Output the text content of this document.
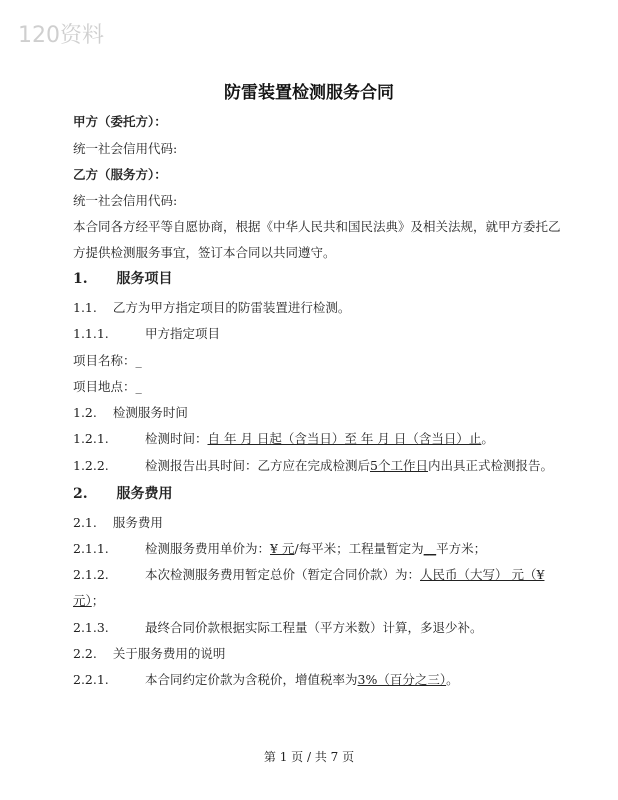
120资料
防雷装置检测服务合同
甲方（委托方）：
统一社会信用代码:
乙方（服务方）：
统一社会信用代码:
本合同各方经平等自愿协商，根据《中华人民共和国民法典》及相关法规，就甲方委托乙
方提供检测服务事宜，签订本合同以共同遵守。
1. 服务项目
1.1. 乙方为甲方指定项目的防雷装置进行检测。
1.1.1.	甲方指定项目
项目名称：_
项目地点：_
1.2. 检测服务时间
1.2.1.	检测时间：自 年 月 日起（含当日）至 年 月 日（含当日）止。
1.2.2.	检测报告出具时间：乙方应在完成检测后5个工作日内出具正式检测报告。
2. 服务费用
2.1. 服务费用
2.1.1.	检测服务费用单价为：¥ 元/每平米；工程量暂定为__平方米；
2.1.2.	本次检测服务费用暂定总价（暂定合同价款）为：人民币（大写） 元（¥
元）；
2.1.3.	最终合同价款根据实际工程量（平方米数）计算，多退少补。
2.2. 关于服务费用的说明
2.2.1.	本合同约定价款为含税价，增值税率为3%（百分之三）。
第 1 页 / 共 7 页
